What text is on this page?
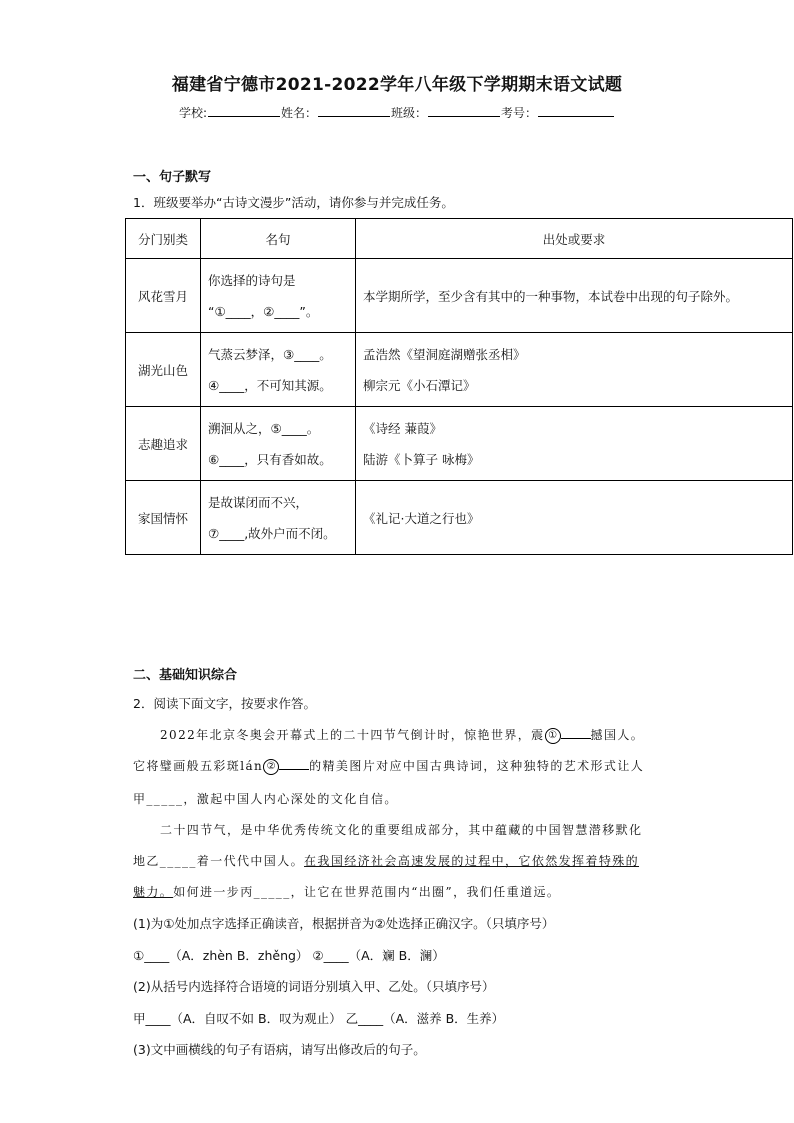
福建省宁德市2021-2022学年八年级下学期期末语文试题
学校:	姓名：	班级：	考号：
一、句子默写
1．班级要举办“古诗文漫步”活动，请你参与并完成任务。
分门别类	名句	出处或要求
风花雪月	你选择的诗句是
“①____，②____”。	本学期所学，至少含有其中的一种事物，本试卷中出现的句子除外。
湖光山色	气蒸云梦泽，③____。
④____，不可知其源。	孟浩然《望洞庭湖赠张丞相》
柳宗元《小石潭记》

志趣追求	溯洄从之，⑤____。
⑥____，只有香如故。	《诗经 蒹葭》
陆游《卜算子 咏梅》

家国情怀	是故谋闭而不兴，
⑦____,故外户而不闭。	《礼记·大道之行也》
二、基础知识综合
2．阅读下面文字，按要求作答。
2022年北京冬奥会开幕式上的二十四节气倒计时，惊艳世界，震 ①	撼国人。
它将璧画般五彩斑lán ②	的精美图片对应中国古典诗词，这种独特的艺术形式让人
甲_____，激起中国人内心深处的文化自信。
二十四节气，是中华优秀传统文化的重要组成部分，其中蕴藏的中国智慧潜移默化
地乙_____着一代代中国人。在我国经济社会高速发展的过程中，它依然发挥着特殊的
魅力。如何进一步丙_____，让它在世界范围内“出圈”，我们任重道远。
(1)为①处加点字选择正确读音，根据拼音为②处选择正确汉字。（只填序号）
①____（A．zhèn B．zhěng） ②____（A．斓 B．澜）
(2)从括号内选择符合语境的词语分别填入甲、乙处。（只填序号）
甲____（A．自叹不如 B．叹为观止） 乙____（A．滋养 B．生养）
(3)文中画横线的句子有语病，请写出修改后的句子。
